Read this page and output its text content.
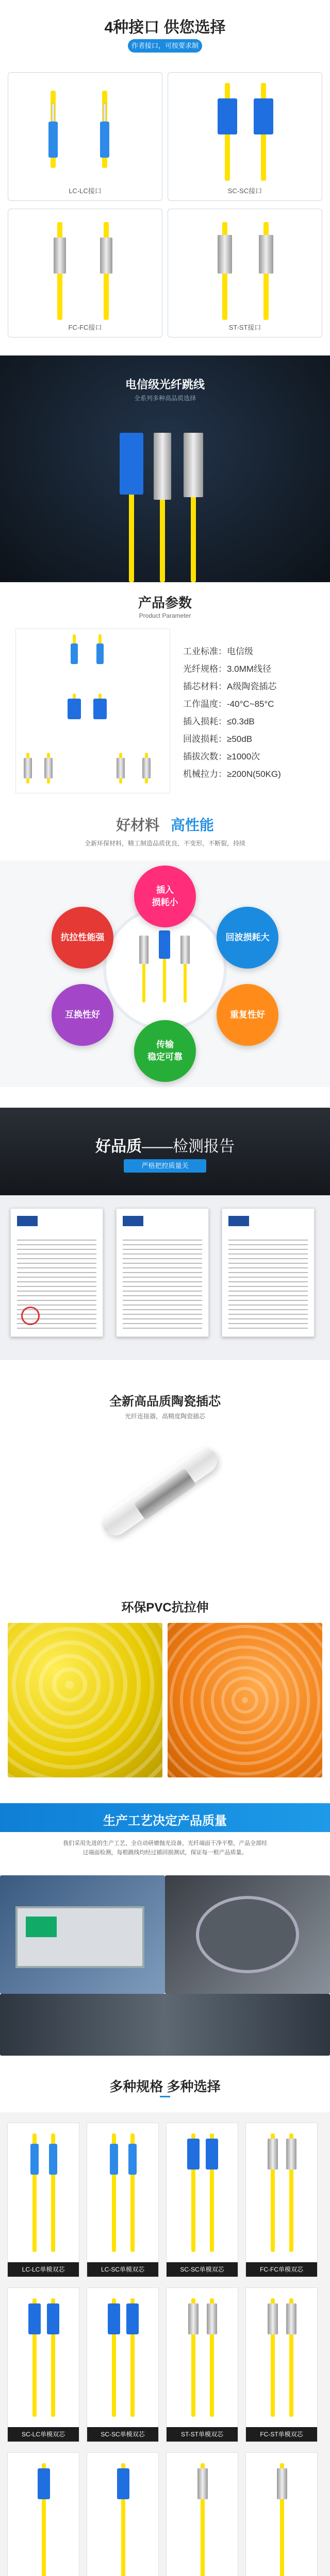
4种接口 供您选择
作者接口，可按要求制
LC-LC接口	SC-SC接口
FC-FC接口	ST-ST接口
电信级光纤跳线
全系列多种高品质选择
产品参数
Product Parameter
工业标准：电信级
光纤规格：3.0MM线径
插芯材料：A级陶瓷插芯
工作温度：-40°C~85°C
插入损耗：≤0.3dB
回波损耗：≥50dB
插拔次数：≥1000次
机械拉力：≥200N(50KG)
好材料 高性能
全新环保材料，精工制造品质优良，不变形，不断裂，持续
插入
损耗小
回波损耗大
重复性好
传输
稳定可靠
互换性好
抗拉性能强
好品质——检测报告
严格把控质量关
全新高品质陶瓷插芯
光纤连接器，高精度陶瓷插芯
环保PVC抗拉伸
生产工艺决定产品质量
我们采用先进的生产工艺，全自动研磨抛光设备，光纤端面干净平整，产品全部经过端面检测，每根跳线均经过插回损测试，保证每一根产品质量。
多种规格 多种选择
LC-LC单模双芯	LC-SC单模双芯	SC-SC单模双芯	FC-FC单模双芯
SC-LC单模双芯	SC-SC单模双芯	ST-ST单模双芯	FC-ST单模双芯
